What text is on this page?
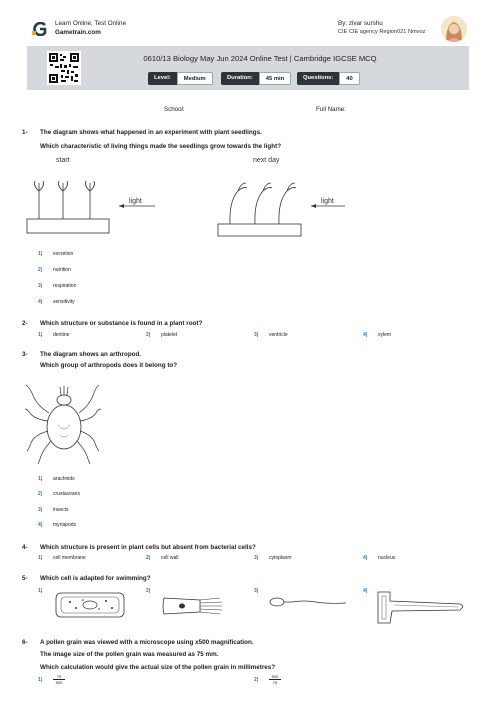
Learn Online, Test Online
Gametrain.com
By: zivar surshu
CIE CIE agency Region021 Nmvoz
0610/13 Biology May Jun 2024 Online Test | Cambridge IGCSE MCQ
Level:	Medium	Duration:	45 min	Questions:	40
School:	Full Name:
1- The diagram shows what happened in an experiment with plant seedlings.
Which characteristic of living things made the seedlings grow towards the light?
start
light
next day
light
1) excretion
2) nutrition
3) respiration
4) sensitivity
2- Which structure or substance is found in a plant root?
1) dentine	2) platelet	3) ventricle	4) xylem
3- The diagram shows an arthropod.
Which group of arthropods does it belong to?
1) arachnids
2) crustaceans
3) insects
4) myriapods
4- Which structure is present in plant cells but absent from bacterial cells?
1) cell membrane	2) cell wall	3) cytoplasm	4) nucleus
5- Which cell is adapted for swimming?
1)	2)	3)	4)
6- A pollen grain was viewed with a microscope using x500 magnification.
The image size of the pollen grain was measured as 75 mm.
Which calculation would give the actual size of the pollen grain in millimetres?
1)	$\frac{75}{500}$	2)	$\frac{500}{75}$
